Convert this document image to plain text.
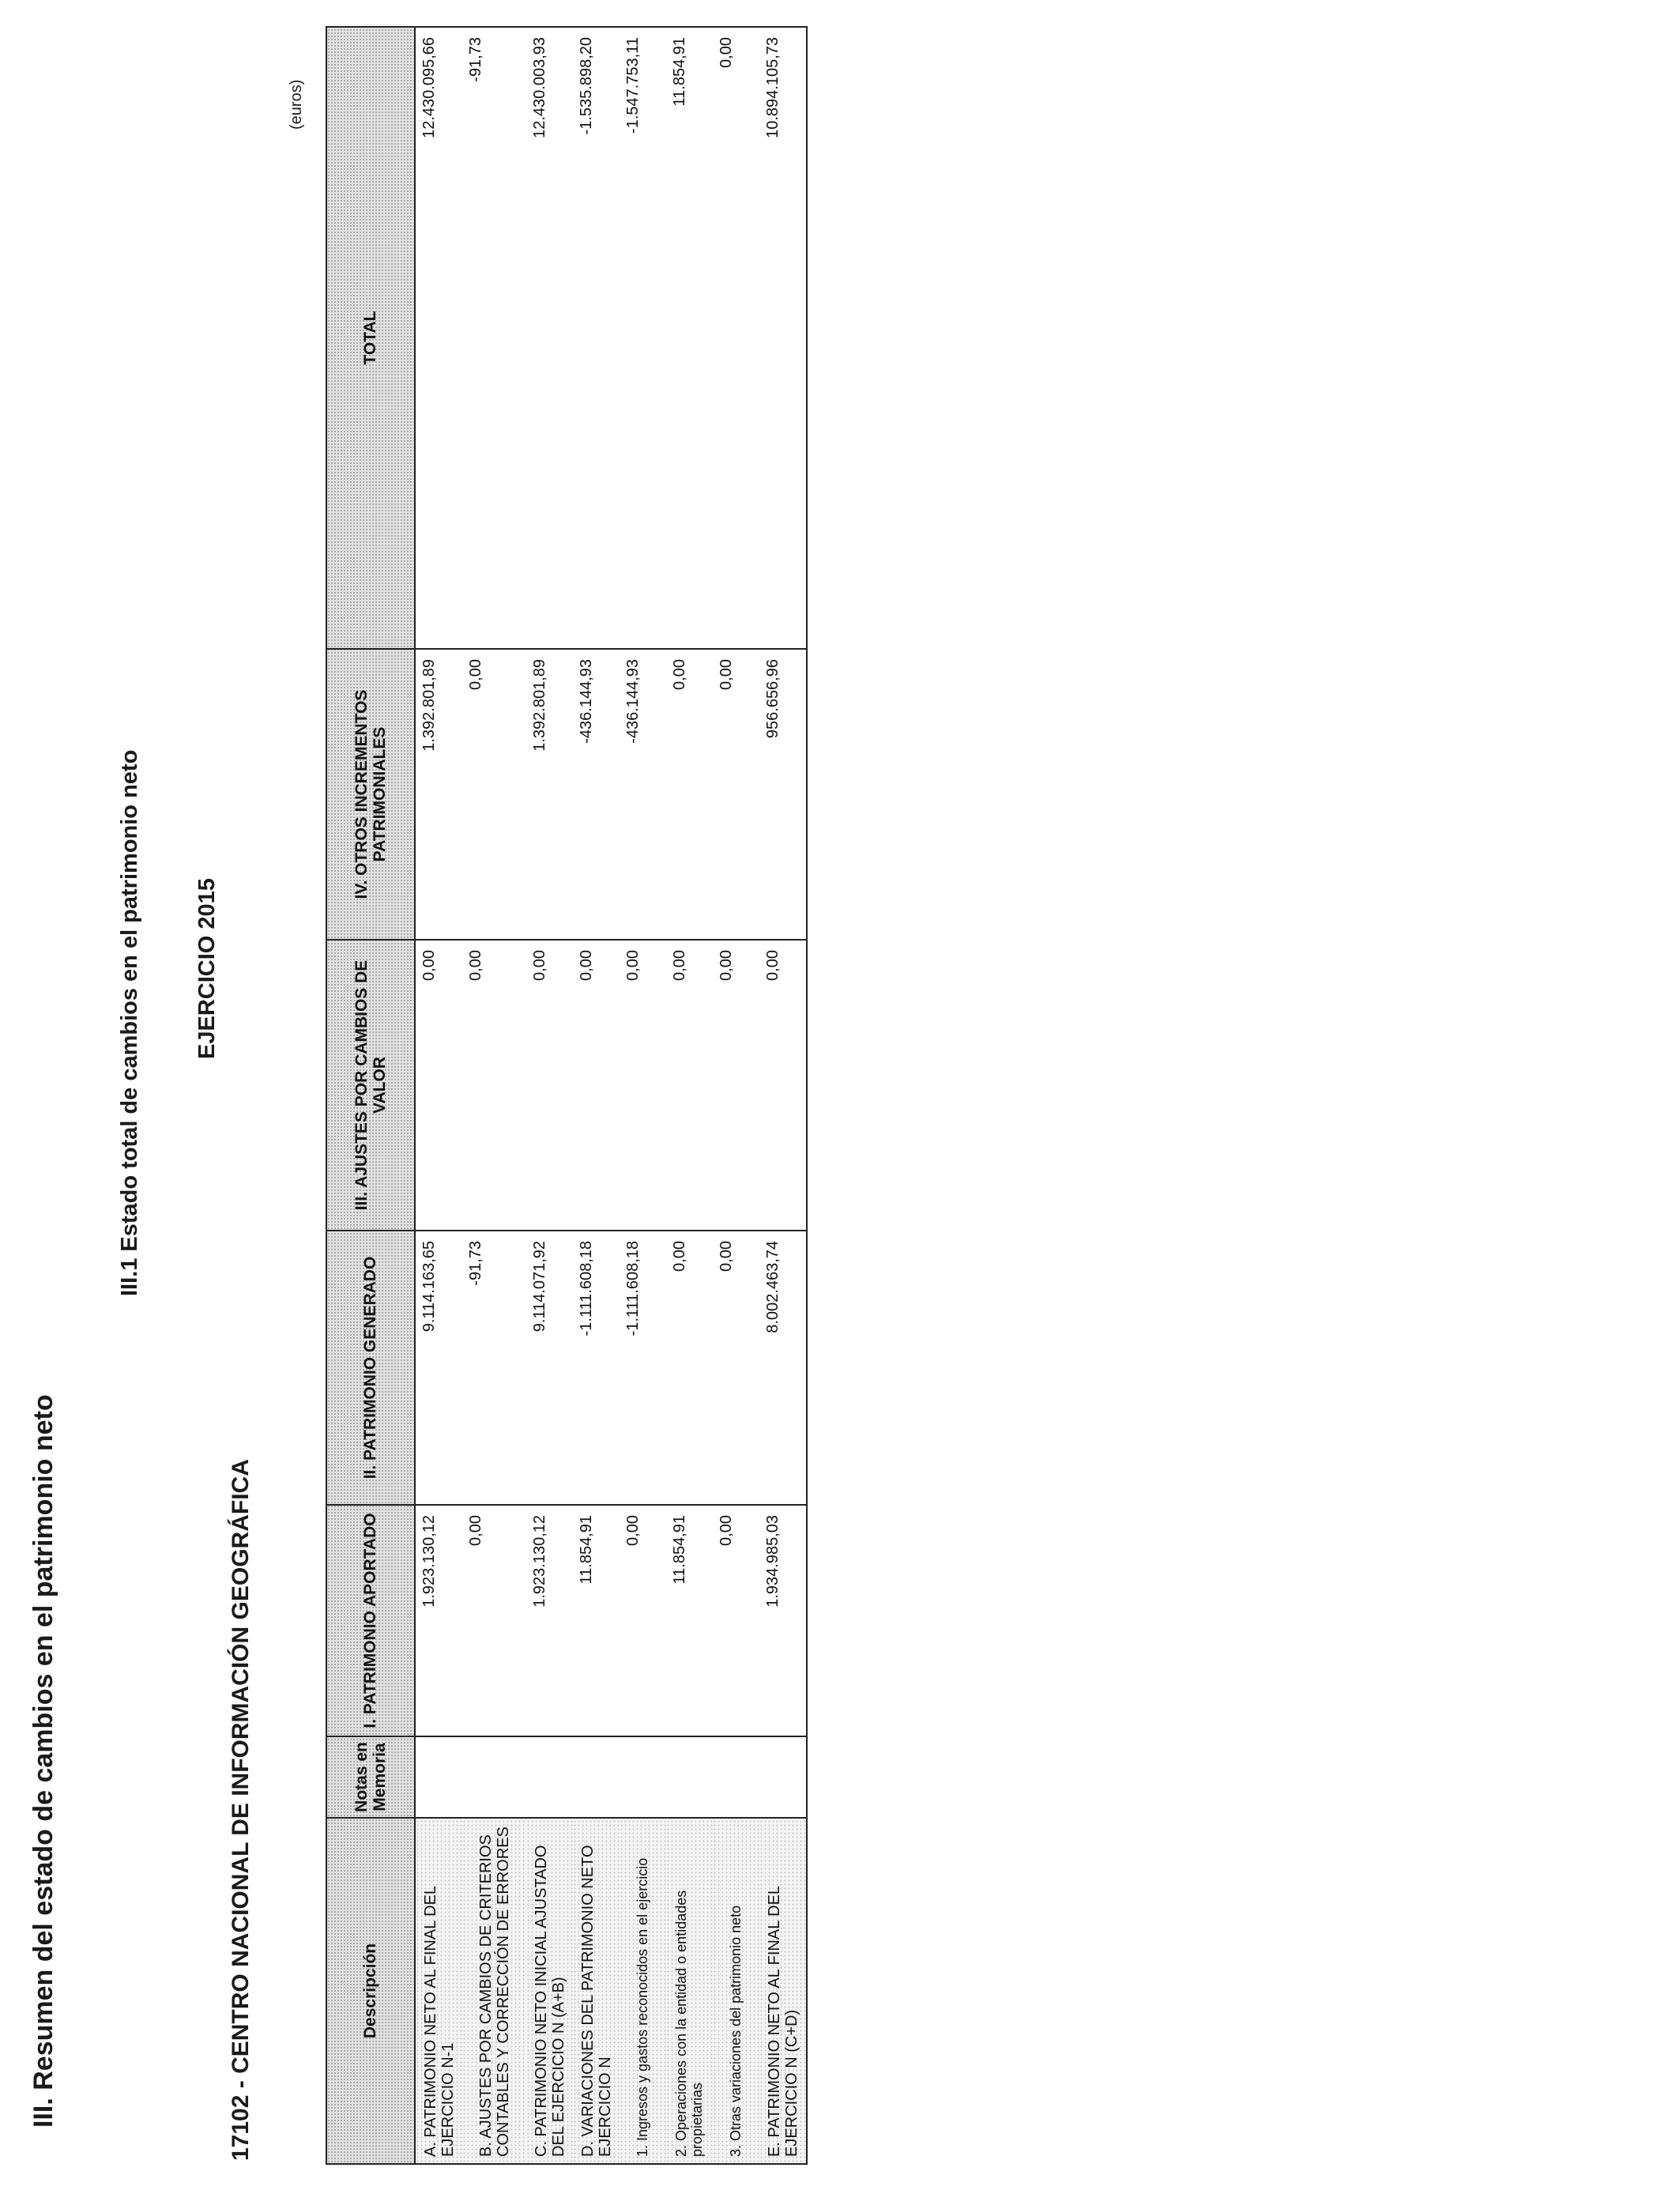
III. Resumen del estado de cambios en el patrimonio neto
III.1 Estado total de cambios en el patrimonio neto EJERCICIO 2015
17102 - CENTRO NACIONAL DE INFORMACIÓN GEOGRÁFICA
(euros)
Descripción	Notas en Memoria	I. PATRIMONIO APORTADO	II. PATRIMONIO GENERADO	III. AJUSTES POR CAMBIOS DE VALOR	IV. OTROS INCREMENTOS PATRIMONIALES	TOTAL
A. PATRIMONIO NETO AL FINAL DEL EJERCICIO N-1		1.923.130,12	9.114.163,65	0,00	1.392.801,89	12.430.095,66
B. AJUSTES POR CAMBIOS DE CRITERIOS CONTABLES Y CORRECCIÓN DE ERRORES		0,00	-91,73	0,00	0,00	-91,73
C. PATRIMONIO NETO INICIAL AJUSTADO DEL EJERCICIO N (A+B)		1.923.130,12	9.114.071,92	0,00	1.392.801,89	12.430.003,93
D. VARIACIONES DEL PATRIMONIO NETO EJERCICIO N		11.854,91	-1.111.608,18	0,00	-436.144,93	-1.535.898,20
1. Ingresos y gastos reconocidos en el ejercicio		0,00	-1.111.608,18	0,00	-436.144,93	-1.547.753,11
2. Operaciones con la entidad o entidades propietarias		11.854,91	0,00	0,00	0,00	11.854,91
3. Otras variaciones del patrimonio neto		0,00	0,00	0,00	0,00	0,00
E. PATRIMONIO NETO AL FINAL DEL EJERCICIO N (C+D)		1.934.985,03	8.002.463,74	0,00	956.656,96	10.894.105,73
